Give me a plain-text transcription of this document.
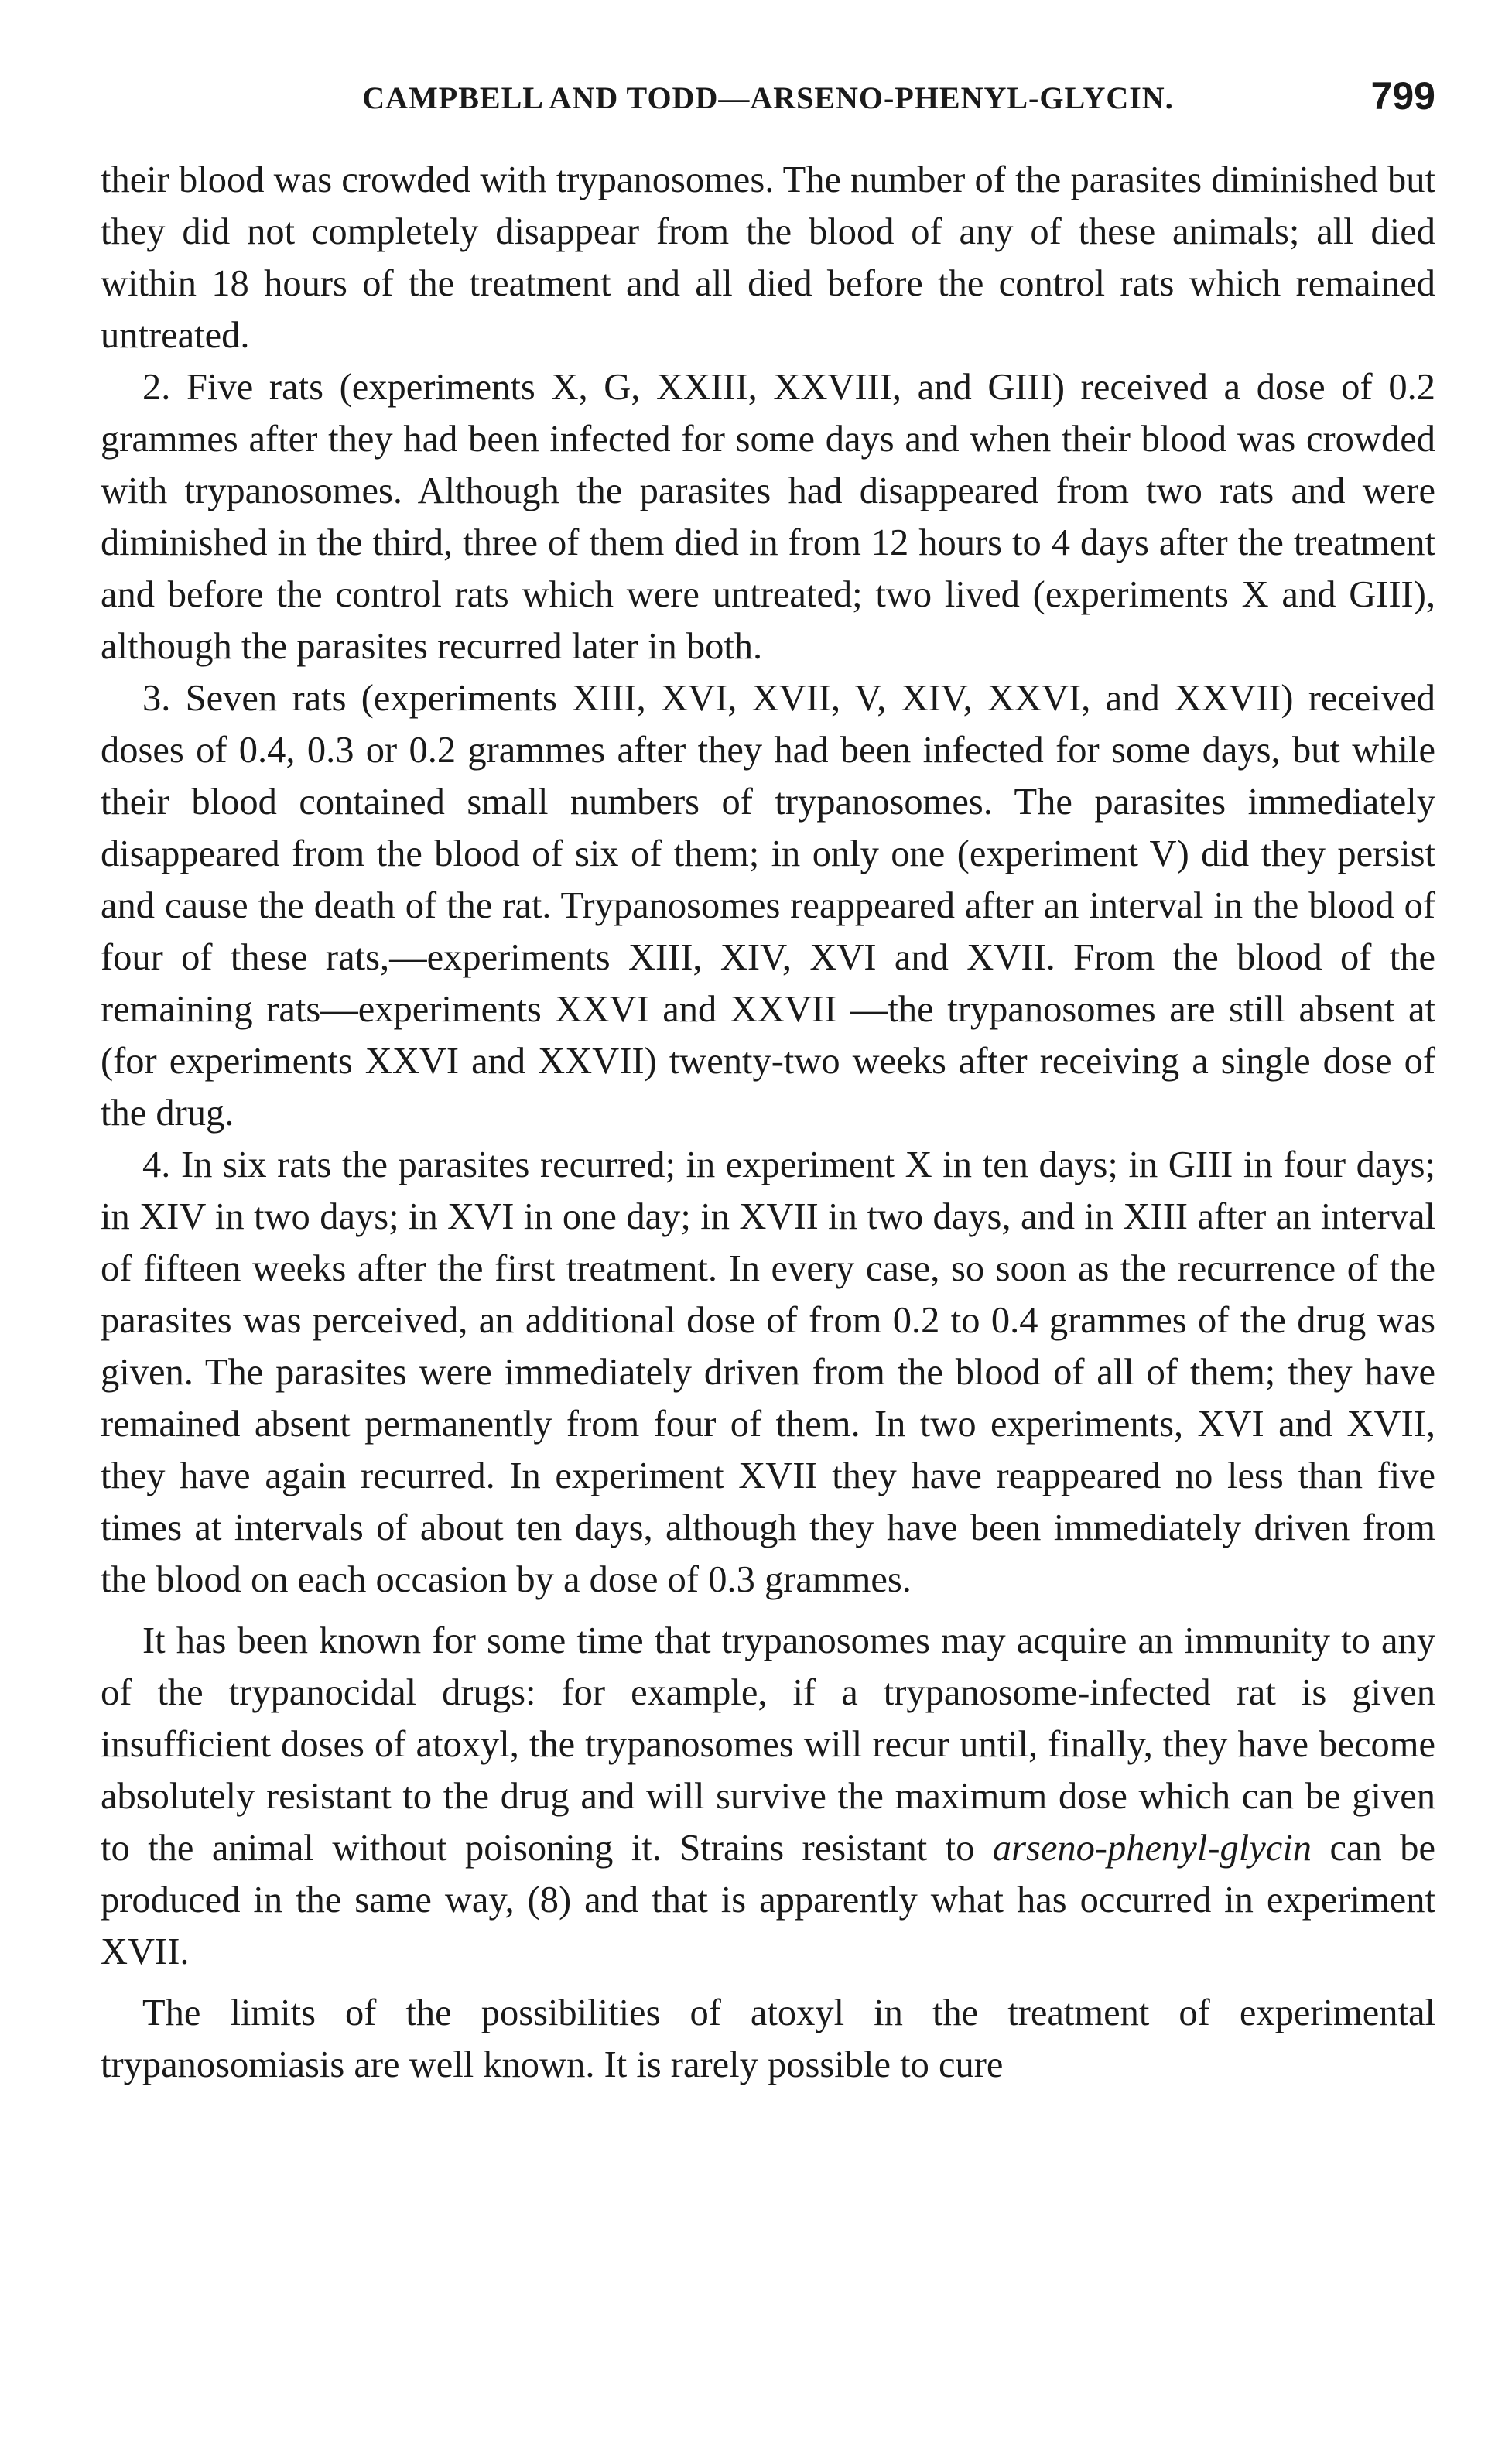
CAMPBELL AND TODD—ARSENO-PHENYL-GLYCIN.	799

their blood was crowded with trypanosomes. The number of the parasites diminished but they did not completely disappear from the blood of any of these animals; all died within 18 hours of the treatment and all died before the control rats which remained untreated.

2. Five rats (experiments X, G, XXIII, XXVIII, and GIII) received a dose of 0.2 grammes after they had been infected for some days and when their blood was crowded with trypanosomes. Although the parasites had disappeared from two rats and were diminished in the third, three of them died in from 12 hours to 4 days after the treatment and before the control rats which were untreated; two lived (experiments X and GIII), although the parasites recurred later in both.

3. Seven rats (experiments XIII, XVI, XVII, V, XIV, XXVI, and XXVII) received doses of 0.4, 0.3 or 0.2 grammes after they had been infected for some days, but while their blood contained small numbers of trypanosomes. The parasites immediately disappeared from the blood of six of them; in only one (experiment V) did they persist and cause the death of the rat. Trypanosomes reappeared after an interval in the blood of four of these rats,—experiments XIII, XIV, XVI and XVII. From the blood of the remaining rats—experiments XXVI and XXVII —the trypanosomes are still absent at (for experiments XXVI and XXVII) twenty-two weeks after receiving a single dose of the drug.

4. In six rats the parasites recurred; in experiment X in ten days; in GIII in four days; in XIV in two days; in XVI in one day; in XVII in two days, and in XIII after an interval of fifteen weeks after the first treatment. In every case, so soon as the recurrence of the parasites was perceived, an additional dose of from 0.2 to 0.4 grammes of the drug was given. The parasites were immediately driven from the blood of all of them; they have remained absent permanently from four of them. In two experiments, XVI and XVII, they have again recurred. In experiment XVII they have reappeared no less than five times at intervals of about ten days, although they have been immediately driven from the blood on each occasion by a dose of 0.3 grammes.

It has been known for some time that trypanosomes may acquire an immunity to any of the trypanocidal drugs: for example, if a trypanosome-infected rat is given insufficient doses of atoxyl, the trypanosomes will recur until, finally, they have become absolutely resistant to the drug and will survive the maximum dose which can be given to the animal without poisoning it. Strains resistant to arseno-phenyl-glycin can be produced in the same way, (8) and that is apparently what has occurred in experiment XVII.

The limits of the possibilities of atoxyl in the treatment of experimental trypanosomiasis are well known. It is rarely possible to cure
